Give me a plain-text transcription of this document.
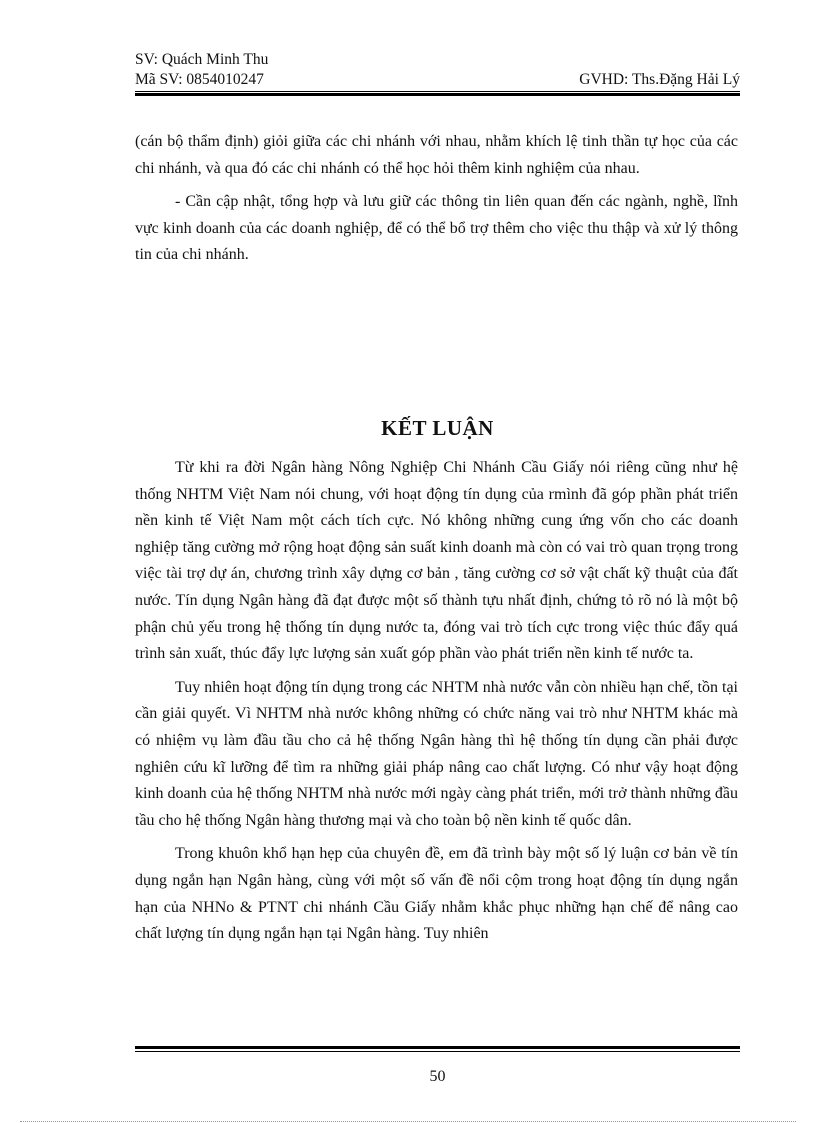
SV: Quách Minh Thu
Mã SV: 0854010247	GVHD: Ths.Đặng Hải Lý

(cán bộ thẩm định) giỏi giữa các chi nhánh với nhau, nhằm khích lệ tinh thần tự học của các chi nhánh, và qua đó các chi nhánh có thể học hỏi thêm kinh nghiệm của nhau.

- Cần cập nhật, tổng hợp và lưu giữ các thông tin liên quan đến các ngành, nghề, lĩnh vực kinh doanh của các doanh nghiệp, để có thể bổ trợ thêm cho việc thu thập và xử lý thông tin của chi nhánh.

KẾT LUẬN

Từ khi ra đời Ngân hàng Nông Nghiệp Chi Nhánh Cầu Giấy nói riêng cũng như hệ thống NHTM Việt Nam nói chung, với hoạt động tín dụng của rmình đã góp phần phát triển nền kinh tế Việt Nam một cách tích cực. Nó không những cung ứng vốn cho các doanh nghiệp tăng cường mở rộng hoạt động sản suất kinh doanh mà còn có vai trò quan trọng trong việc tài trợ dự án, chương trình xây dựng cơ bản , tăng cường cơ sở vật chất kỹ thuật của đất nước. Tín dụng Ngân hàng đã đạt được một số thành tựu nhất định, chứng tỏ rõ nó là một bộ phận chủ yếu trong hệ thống tín dụng nước ta, đóng vai trò tích cực trong việc thúc đẩy quá trình sản xuất, thúc đẩy lực lượng sản xuất góp phần vào phát triển nền kinh tế nước ta.

Tuy nhiên hoạt động tín dụng trong các NHTM nhà nước vẫn còn nhiều hạn chế, tồn tại cần giải quyết. Vì NHTM nhà nước không những có chức năng vai trò như NHTM khác mà có nhiệm vụ làm đầu tầu cho cả hệ thống Ngân hàng thì hệ thống tín dụng cần phải được nghiên cứu kĩ lưỡng để tìm ra những giải pháp nâng cao chất lượng. Có như vậy hoạt động kinh doanh của hệ thống NHTM nhà nước mới ngày càng phát triển, mới trở thành những đầu tầu cho hệ thống Ngân hàng thương mại và cho toàn bộ nền kinh tế quốc dân.

Trong khuôn khổ hạn hẹp của chuyên đề, em đã trình bày một số lý luận cơ bản về tín dụng ngắn hạn Ngân hàng, cùng với một số vấn đề nổi cộm trong hoạt động tín dụng ngắn hạn của NHNo & PTNT chi nhánh Cầu Giấy nhằm khắc phục những hạn chế để nâng cao chất lượng tín dụng ngắn hạn tại Ngân hàng. Tuy nhiên

50
